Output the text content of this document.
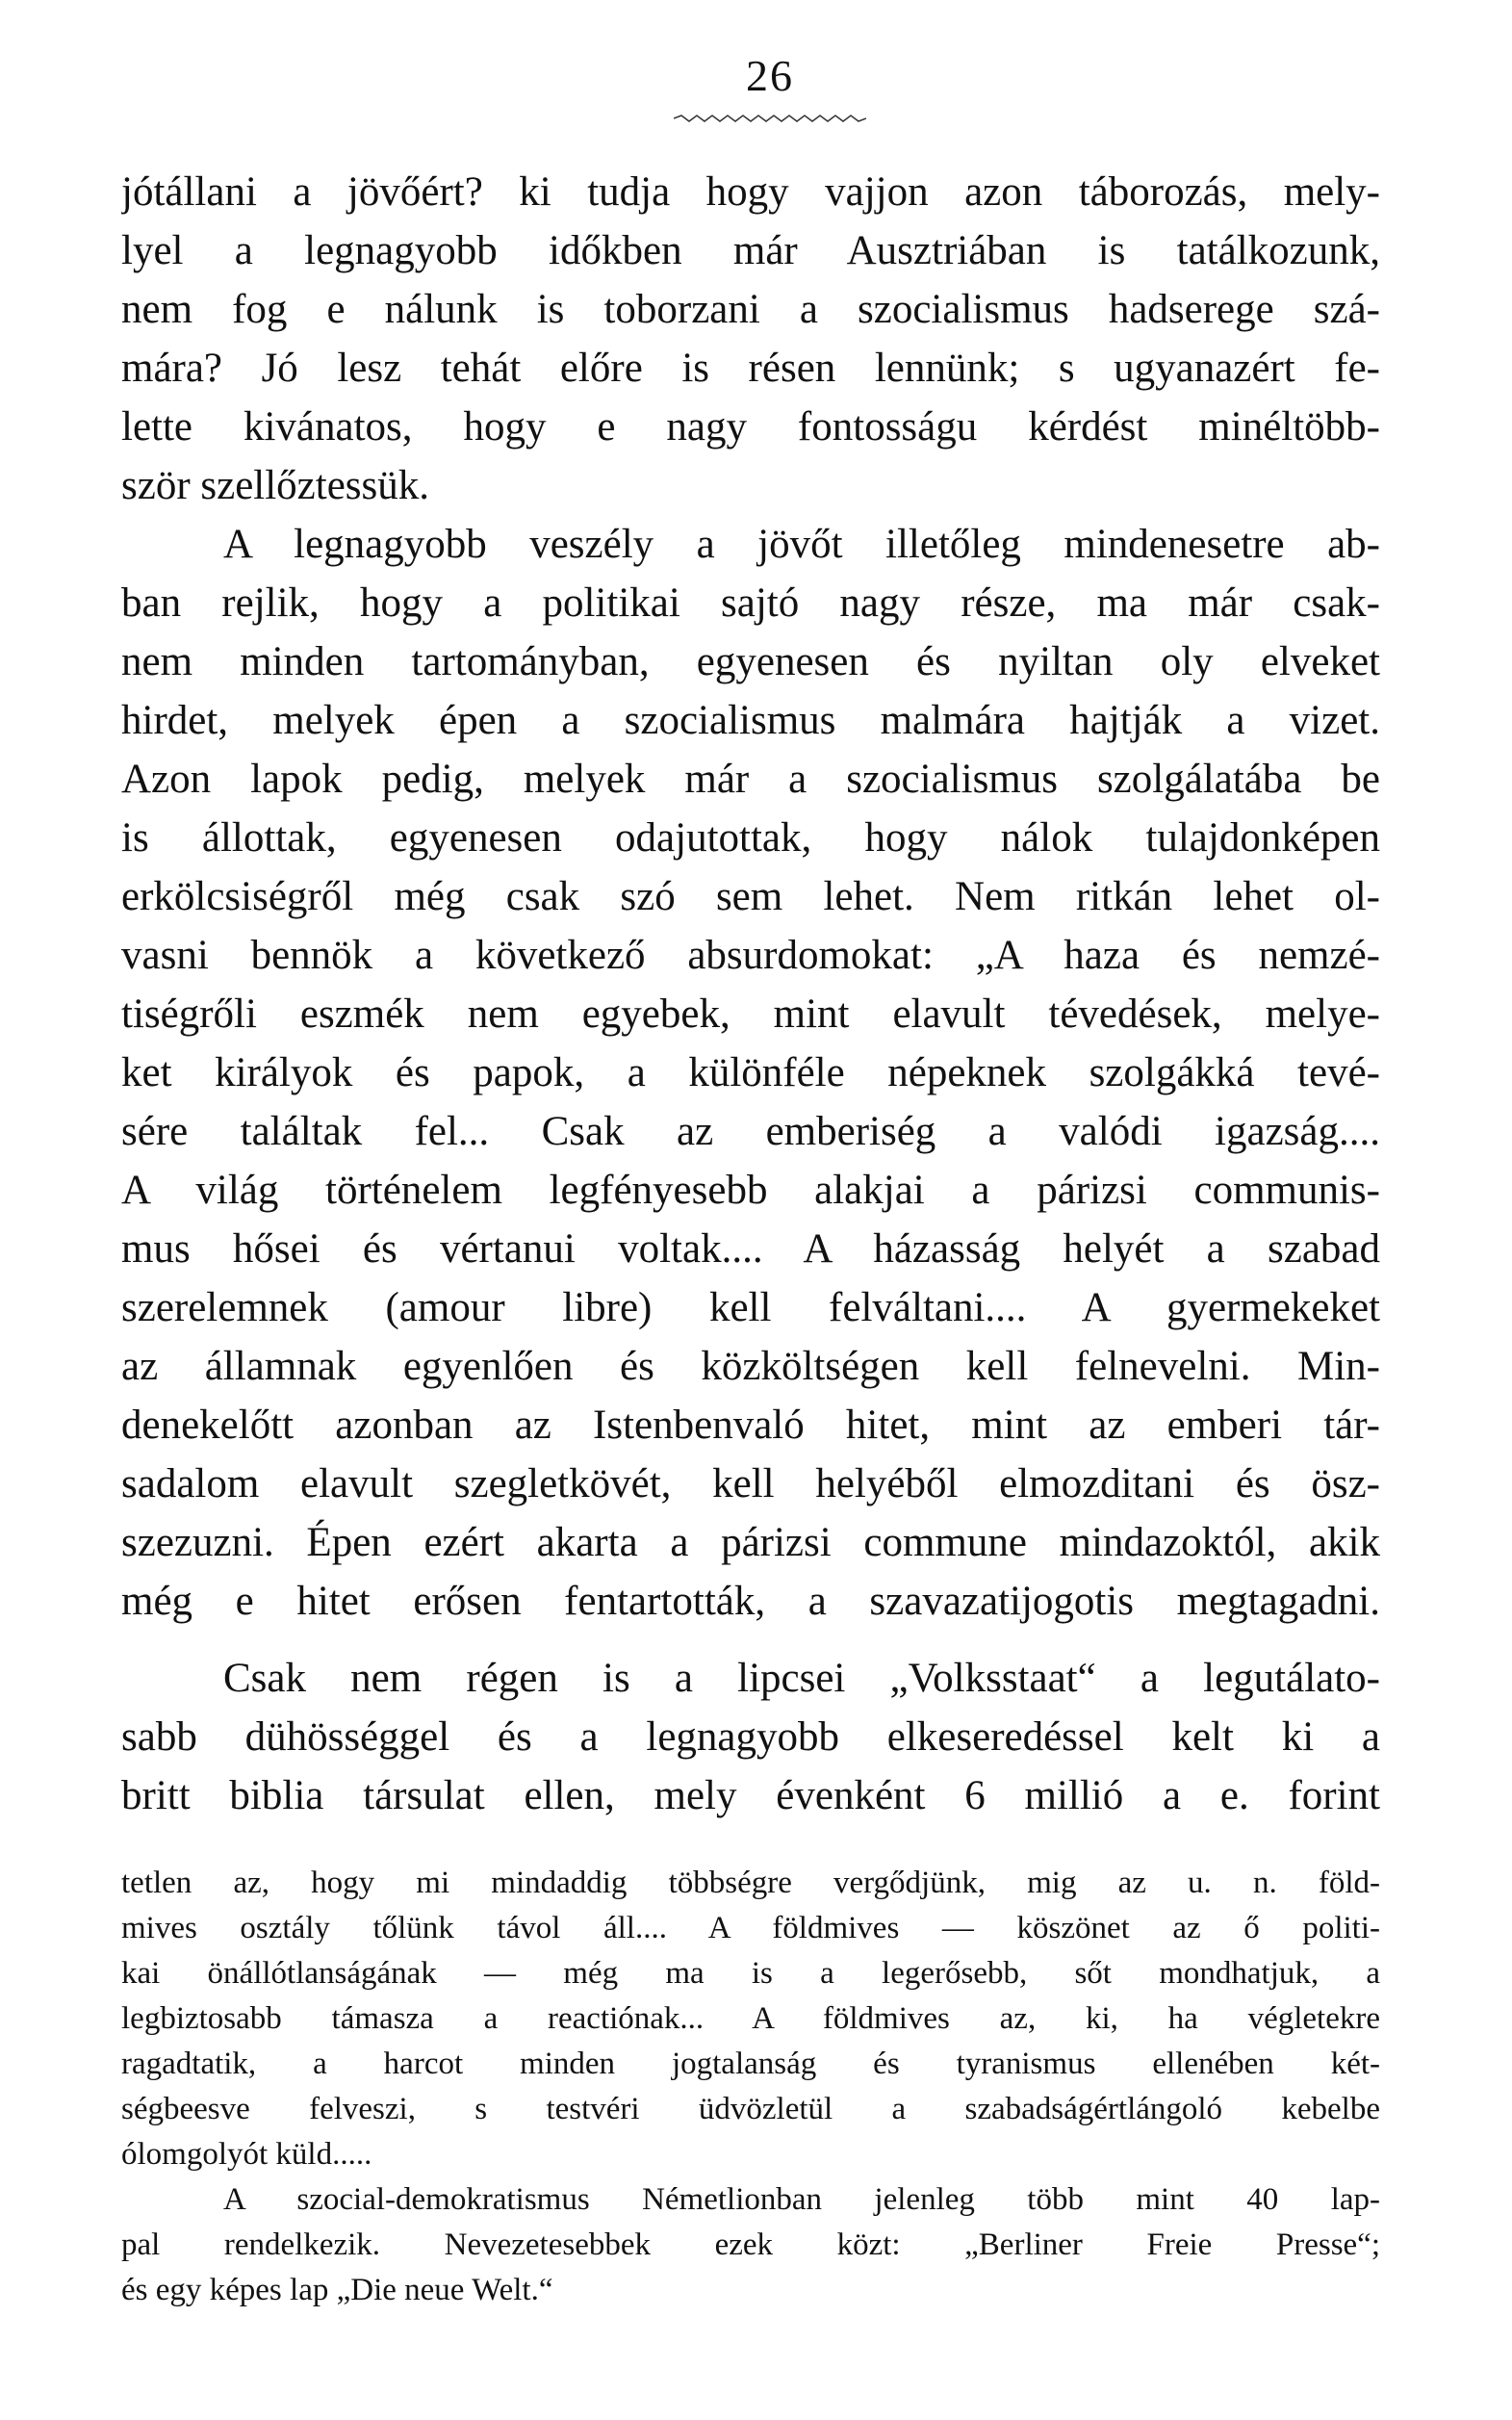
26
jótállani a jövőért? ki tudja hogy vajjon azon táborozás, mely-
lyel a legnagyobb időkben már Ausztriában is tatálkozunk,
nem fog e nálunk is toborzani a szocialismus hadserege szá-
mára? Jó lesz tehát előre is résen lennünk; s ugyanazért fe-
lette kivánatos, hogy e nagy fontosságu kérdést minéltöbb-
ször szellőztessük.
A legnagyobb veszély a jövőt illetőleg mindenesetre ab-
ban rejlik, hogy a politikai sajtó nagy része, ma már csak-
nem minden tartományban, egyenesen és nyiltan oly elveket
hirdet, melyek épen a szocialismus malmára hajtják a vizet.
Azon lapok pedig, melyek már a szocialismus szolgálatába be
is állottak, egyenesen odajutottak, hogy nálok tulajdonképen
erkölcsiségről még csak szó sem lehet. Nem ritkán lehet ol-
vasni bennök a következő absurdomokat: „A haza és nemzé-
tiségrőli eszmék nem egyebek, mint elavult tévedések, melye-
ket királyok és papok, a különféle népeknek szolgákká tevé-
sére találtak fel... Csak az emberiség a valódi igazság....
A világ történelem legfényesebb alakjai a párizsi communis-
mus hősei és vértanui voltak.... A házasság helyét a szabad
szerelemnek (amour libre) kell felváltani.... A gyermekeket
az államnak egyenlően és közköltségen kell felnevelni. Min-
denekelőtt azonban az Istenbenvaló hitet, mint az emberi tár-
sadalom elavult szegletkövét, kell helyéből elmozditani és ösz-
szezuzni. Épen ezért akarta a párizsi commune mindazoktól, akik
még e hitet erősen fentartották, a szavazatijogotis megtagadni.
Csak nem régen is a lipcsei „Volksstaat“ a legutálato-
sabb dühösséggel és a legnagyobb elkeseredéssel kelt ki a
britt biblia társulat ellen, mely évenként 6 millió a e. forint
tetlen az, hogy mi mindaddig többségre vergődjünk, mig az u. n. föld-
mives osztály tőlünk távol áll.... A földmives — köszönet az ő politi-
kai önállótlanságának — még ma is a legerősebb, sőt mondhatjuk, a
legbiztosabb támasza a reactiónak... A földmives az, ki, ha végletekre
ragadtatik, a harcot minden jogtalanság és tyranismus ellenében két-
ségbeesve felveszi, s testvéri üdvözletül a szabadságértlángoló kebelbe
ólomgolyót küld.....
A szocial-demokratismus Németlionban jelenleg több mint 40 lap-
pal rendelkezik. Nevezetesebbek ezek közt: „Berliner Freie Presse“;
és egy képes lap „Die neue Welt.“
